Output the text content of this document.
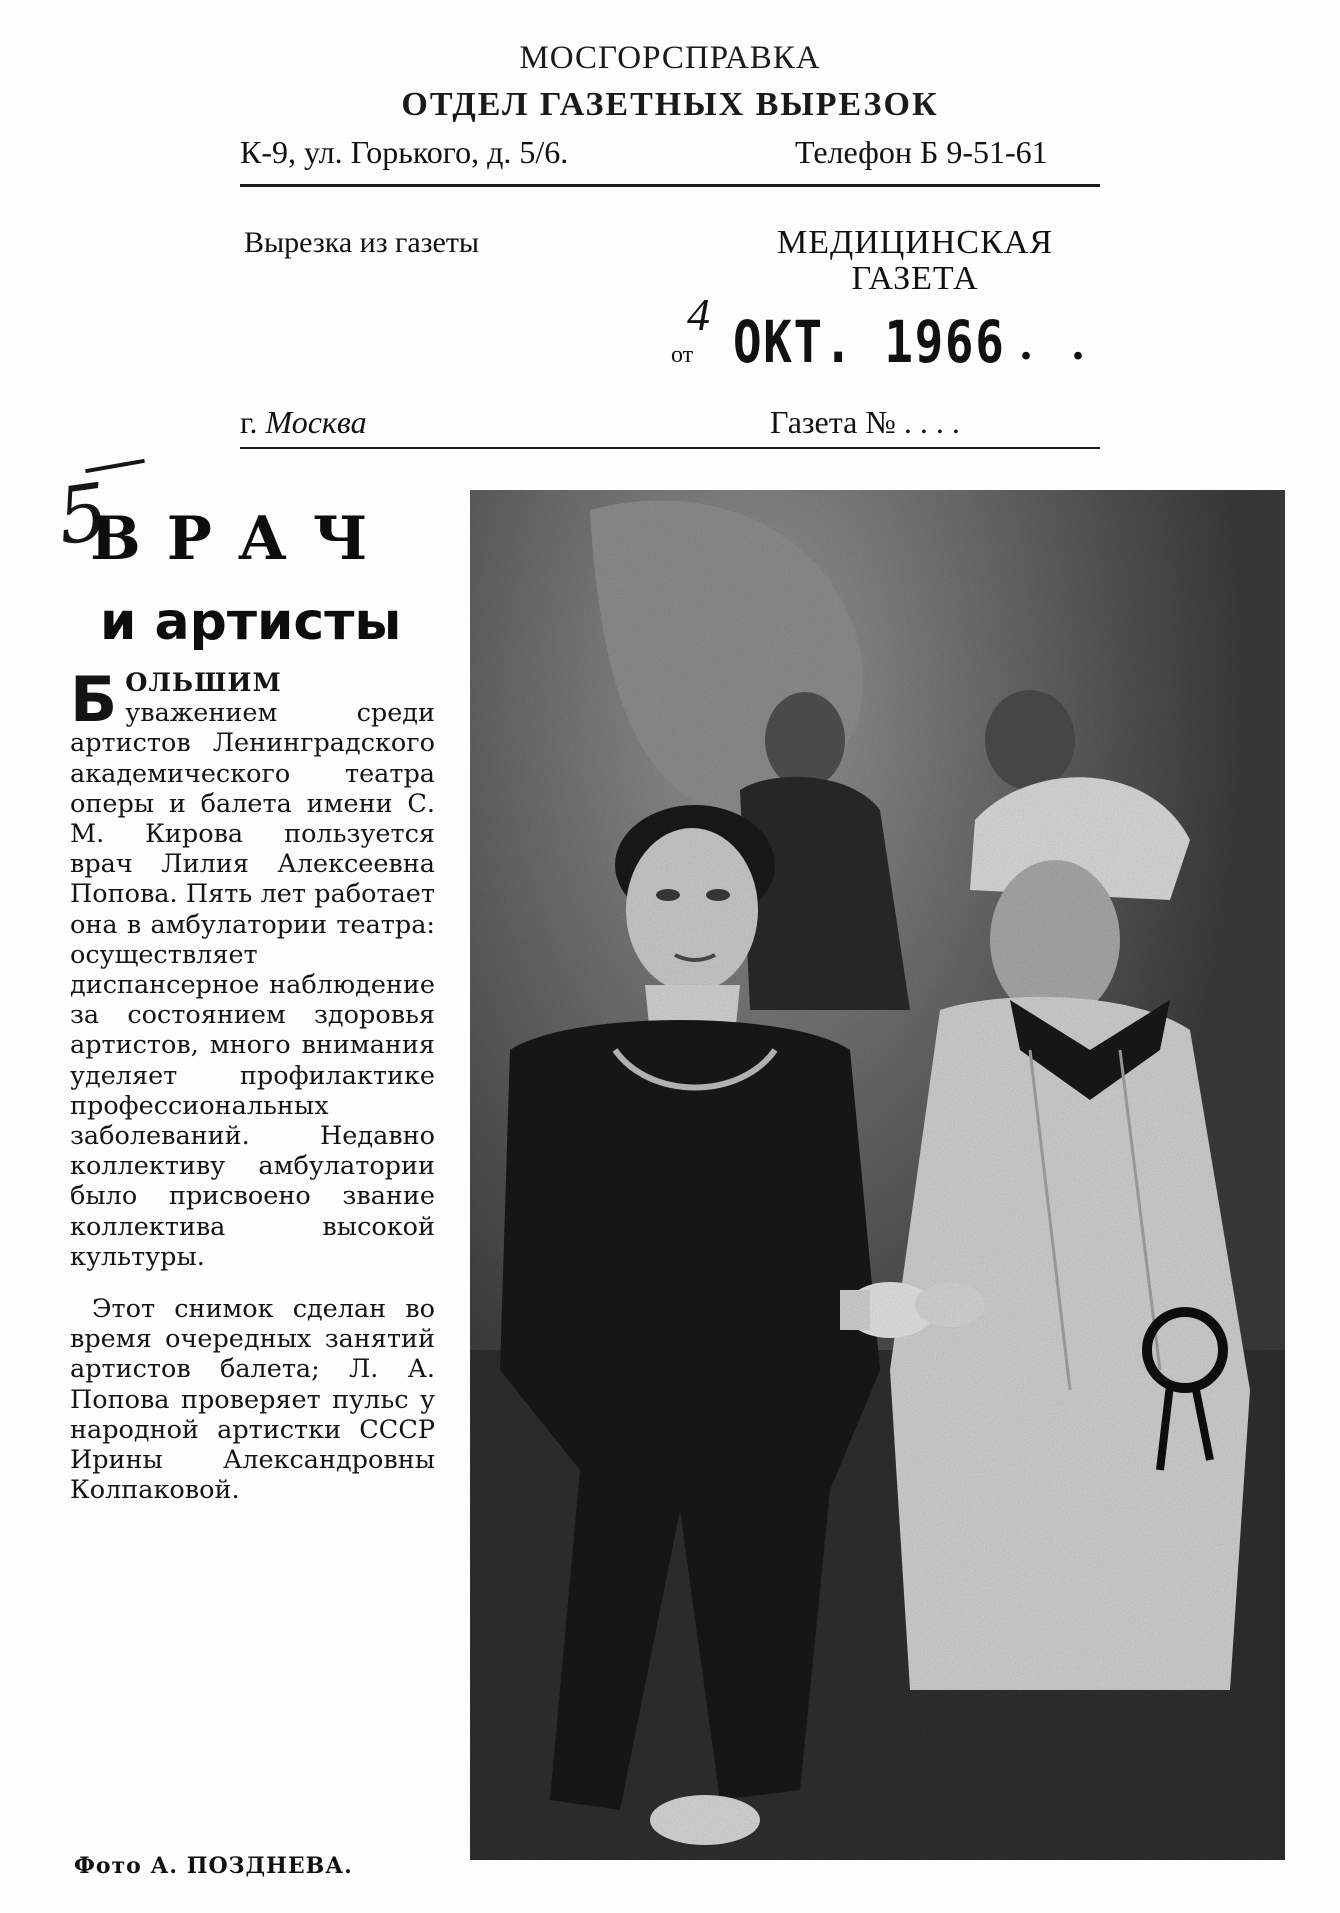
МОСГОРСПРАВКА
ОТДЕЛ ГАЗЕТНЫХ ВЫРЕЗОК
К-9, ул. Горького, д. 5/6.	Телефон Б 9-51-61
Вырезка из газеты	МЕДИЦИНСКАЯ
ГАЗЕТА
от
4 ОКТ. 1966 . .
г. Москва	Газета № . . . .
5
ВРАЧ
и артисты

БОЛЬШИМ уважением среди артистов Ленинградского академического театра оперы и балета имени С. М. Кирова пользуется врач Лилия Алексеевна Попова. Пять лет работает она в амбулатории театра: осуществляет диспансерное наблюдение за состоянием здоровья артистов, много внимания уделяет профилактике профессиональных заболеваний. Недавно коллективу амбулатории было присвоено звание коллектива высокой культуры.

Этот снимок сделан во время очередных занятий артистов балета; Л. А. Попова проверяет пульс у народной артистки СССР Ирины Александровны Колпаковой.

Фото А. ПОЗДНЕВА.
